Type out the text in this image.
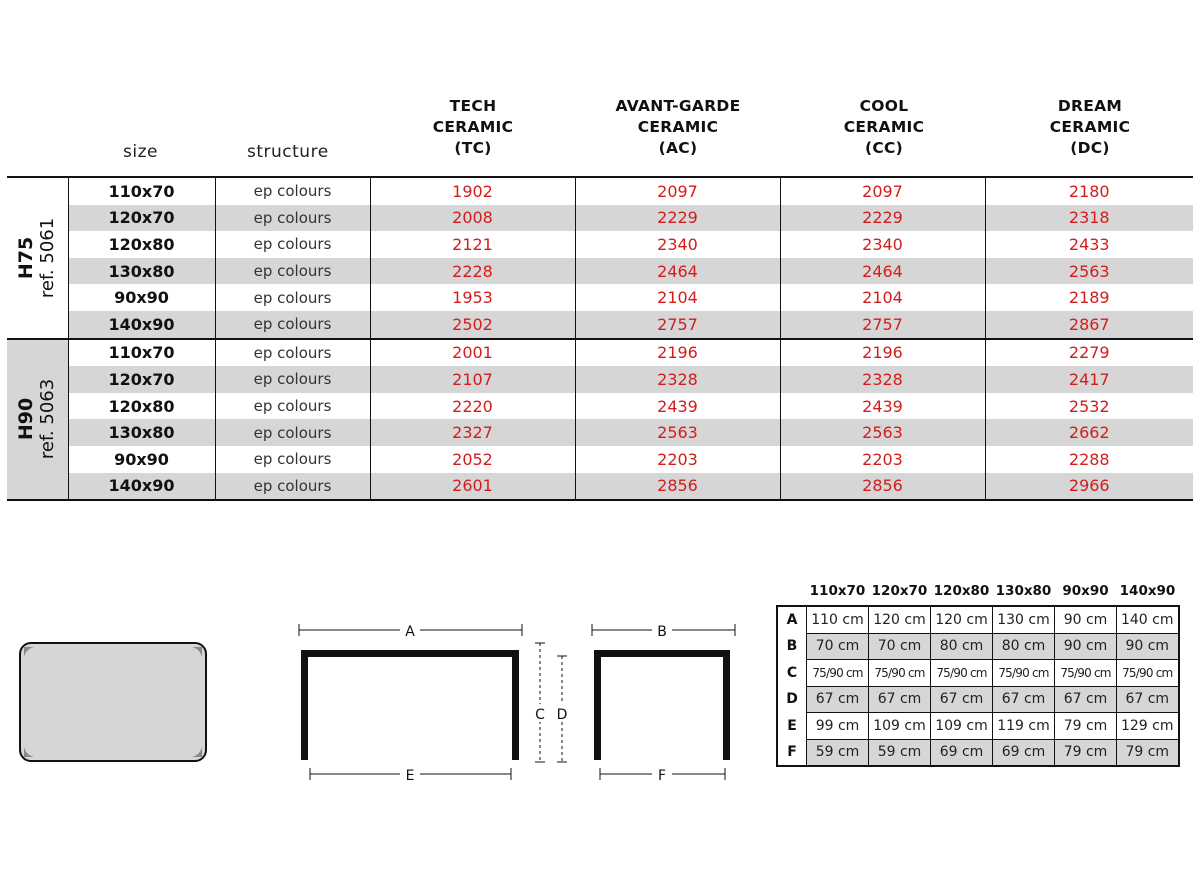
size	structure
TECH
CERAMIC
(TC)
AVANT-GARDE
CERAMIC
(AC)
COOL
CERAMIC
(CC)
DREAM
CERAMIC
(DC)
H75 ref. 5061	110x70	ep colours	1902	2097	2097	2180
	120x70	ep colours	2008	2229	2229	2318
	120x80	ep colours	2121	2340	2340	2433
	130x80	ep colours	2228	2464	2464	2563
	90x90	ep colours	1953	2104	2104	2189
	140x90	ep colours	2502	2757	2757	2867

H90 ref. 5063	110x70	ep colours	2001	2196	2196	2279
	120x70	ep colours	2107	2328	2328	2417
	120x80	ep colours	2220	2439	2439	2532
	130x80	ep colours	2327	2563	2563	2662
	90x90	ep colours	2052	2203	2203	2288
	140x90	ep colours	2601	2856	2856	2966
A
C D
E
B
F
	110x70	120x70	120x80	130x80	90x90	140x90
A	110 cm	120 cm	120 cm	130 cm	90 cm	140 cm
B	70 cm	70 cm	80 cm	80 cm	90 cm	90 cm
C	75/90 cm	75/90 cm	75/90 cm	75/90 cm	75/90 cm	75/90 cm
D	67 cm	67 cm	67 cm	67 cm	67 cm	67 cm
E	99 cm	109 cm	109 cm	119 cm	79 cm	129 cm
F	59 cm	59 cm	69 cm	69 cm	79 cm	79 cm
